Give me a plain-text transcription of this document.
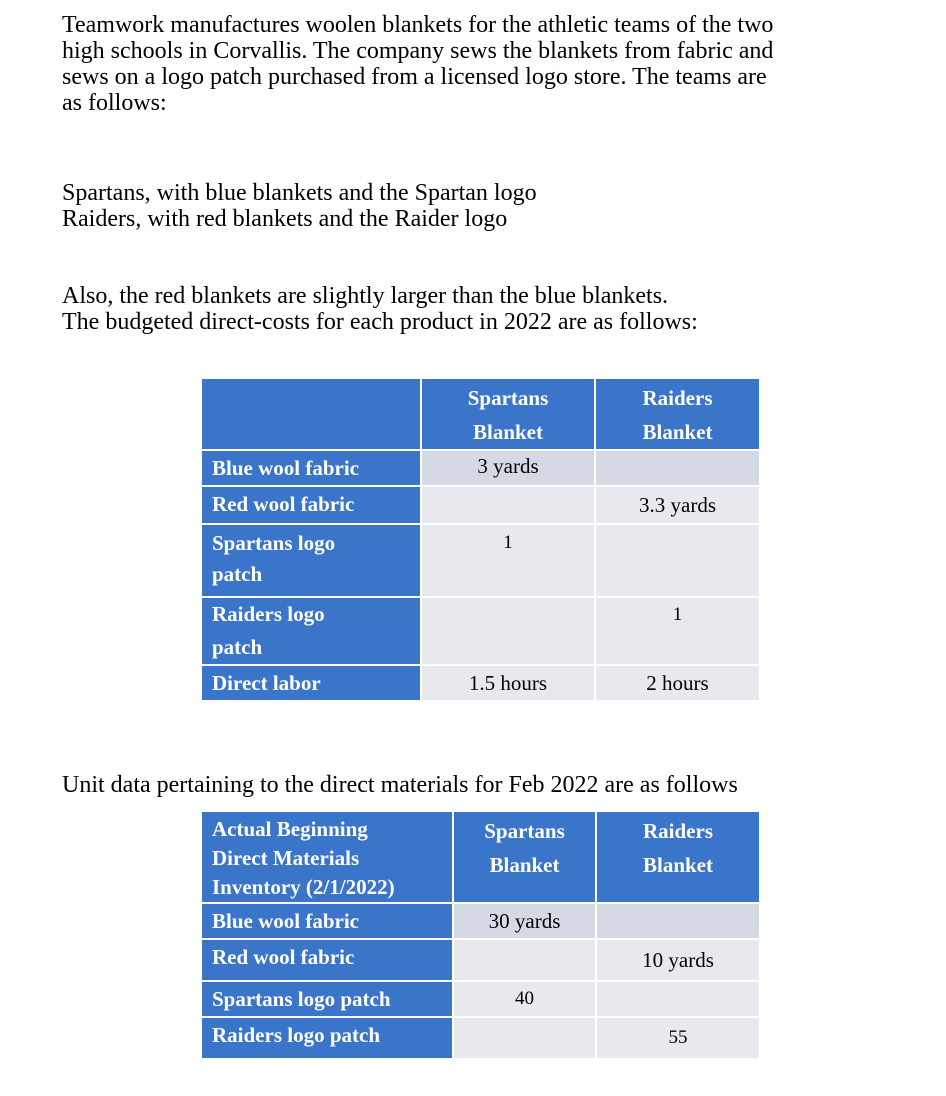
Teamwork manufactures woolen blankets for the athletic teams of the two
high schools in Corvallis. The company sews the blankets from fabric and
sews on a logo patch purchased from a licensed logo store. The teams are
as follows:

Spartans, with blue blankets and the Spartan logo
Raiders, with red blankets and the Raider logo

Also, the red blankets are slightly larger than the blue blankets.
The budgeted direct-costs for each product in 2022 are as follows:

	Spartans
Blanket	Raiders
Blanket

Blue wool fabric	3 yards	

Red wool fabric		3.3 yards

Spartans logo
patch	1	

Raiders logo
patch		1

Direct labor	1.5 hours	2 hours

Unit data pertaining to the direct materials for Feb 2022 are as follows

Actual Beginning
Direct Materials
Inventory (2/1/2022)	Spartans
Blanket	Raiders
Blanket

Blue wool fabric	30 yards	
Red wool fabric		10 yards
Spartans logo patch	40	
Raiders logo patch		55
